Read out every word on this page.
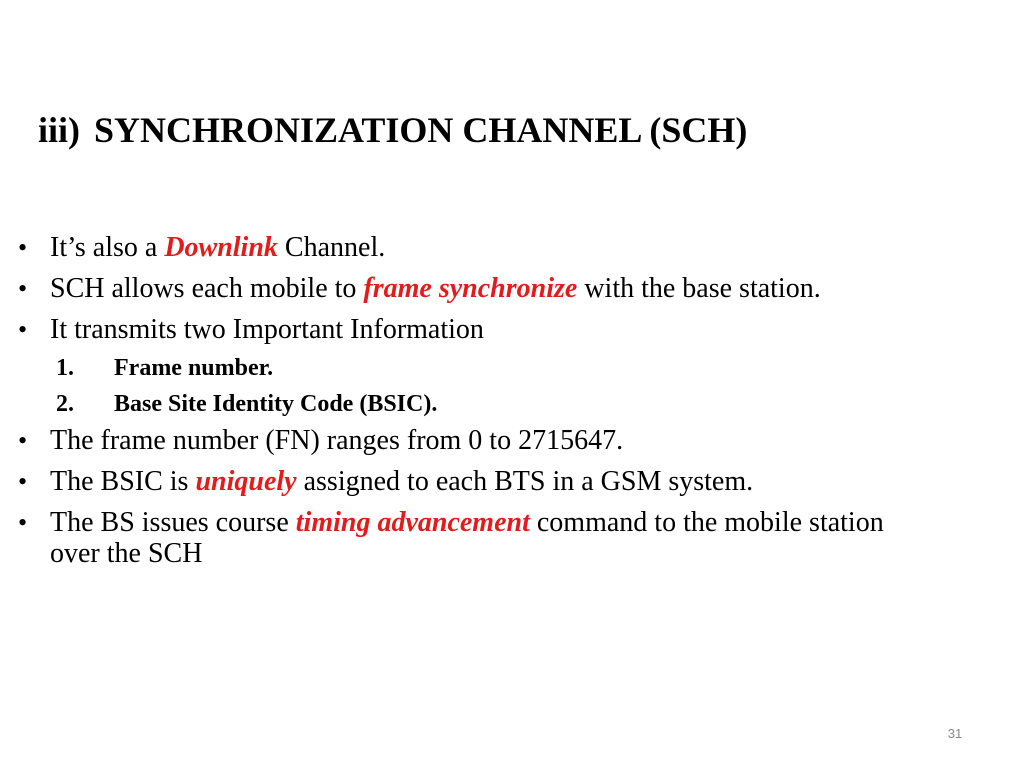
iii) SYNCHRONIZATION CHANNEL (SCH)
• It’s also a Downlink Channel.
• SCH allows each mobile to frame synchronize with the base station.
• It transmits two Important Information
1. Frame number.
2. Base Site Identity Code (BSIC).
• The frame number (FN) ranges from 0 to 2715647.
• The BSIC is uniquely assigned to each BTS in a GSM system.
• The BS issues course timing advancement command to the mobile station over the SCH
31
